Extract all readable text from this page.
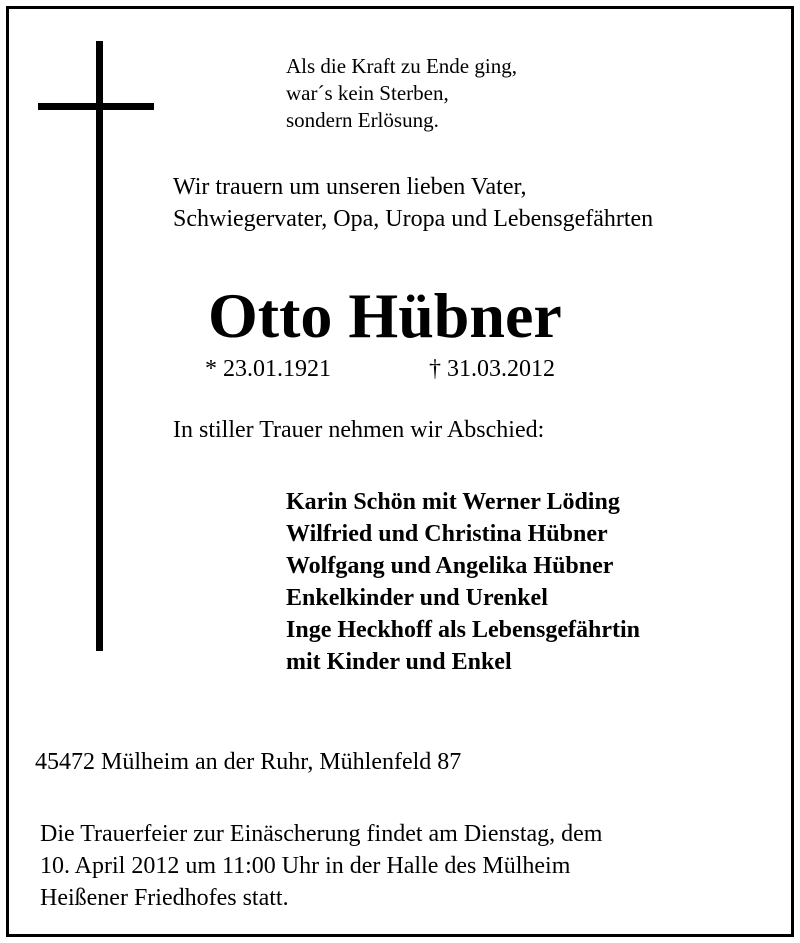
Als die Kraft zu Ende ging,
war´s kein Sterben,
sondern Erlösung.
Wir trauern um unseren lieben Vater,
Schwiegervater, Opa, Uropa und Lebensgefährten
Otto Hübner
* 23.01.1921	† 31.03.2012
In stiller Trauer nehmen wir Abschied:
Karin Schön mit Werner Löding
Wilfried und Christina Hübner
Wolfgang und Angelika Hübner
Enkelkinder und Urenkel
Inge Heckhoff als Lebensgefährtin
mit Kinder und Enkel
45472 Mülheim an der Ruhr, Mühlenfeld 87
Die Trauerfeier zur Einäscherung findet am Dienstag, dem
10. April 2012 um 11:00 Uhr in der Halle des Mülheim
Heißener Friedhofes statt.
